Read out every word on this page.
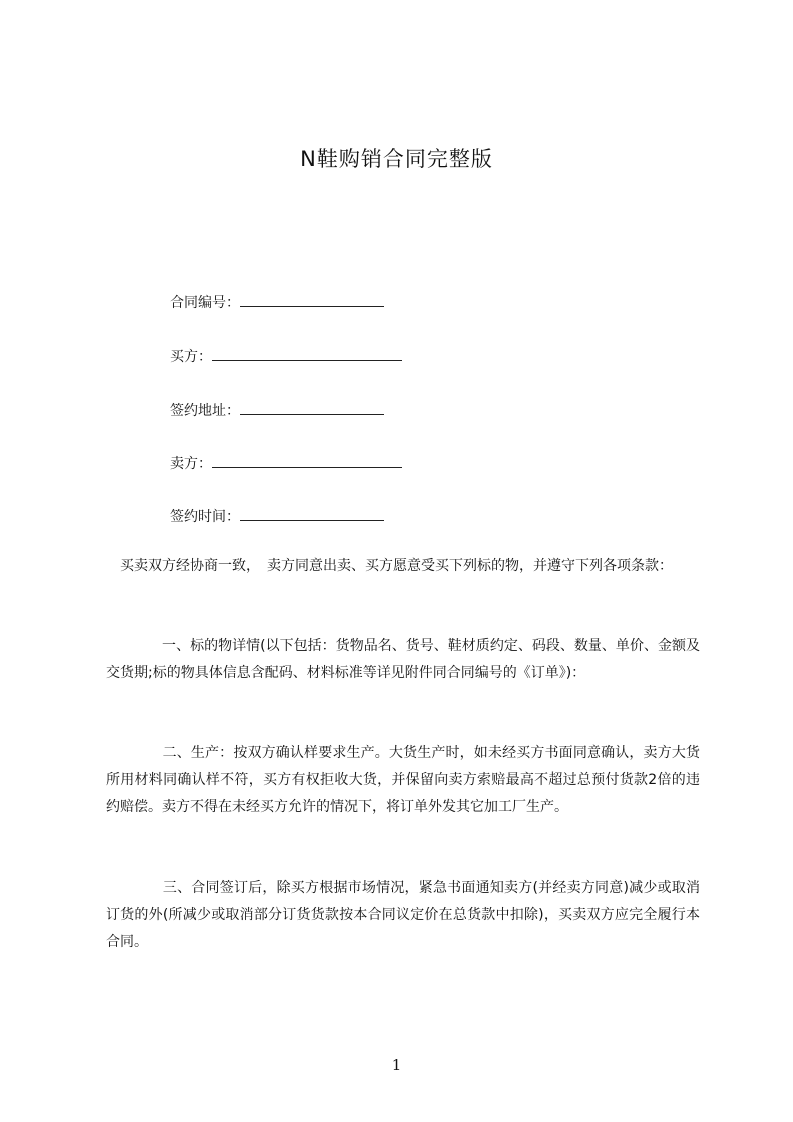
N鞋购销合同完整版
合同编号：
买方：
签约地址：
卖方：
签约时间：
　买卖双方经协商一致，　卖方同意出卖、买方愿意受买下列标的物，并遵守下列各项条款：
　　　　一、标的物详情(以下包括：货物品名、货号、鞋材质约定、码段、数量、单价、金额及交货期;标的物具体信息含配码、材料标准等详见附件同合同编号的《订单》)：
　　　　二、生产：按双方确认样要求生产。大货生产时，如未经买方书面同意确认，卖方大货所用材料同确认样不符，买方有权拒收大货，并保留向卖方索赔最高不超过总预付货款2倍的违约赔偿。卖方不得在未经买方允许的情况下，将订单外发其它加工厂生产。
　　　　三、合同签订后，除买方根据市场情况，紧急书面通知卖方(并经卖方同意)减少或取消订货的外(所减少或取消部分订货货款按本合同议定价在总货款中扣除)，买卖双方应完全履行本合同。
1
